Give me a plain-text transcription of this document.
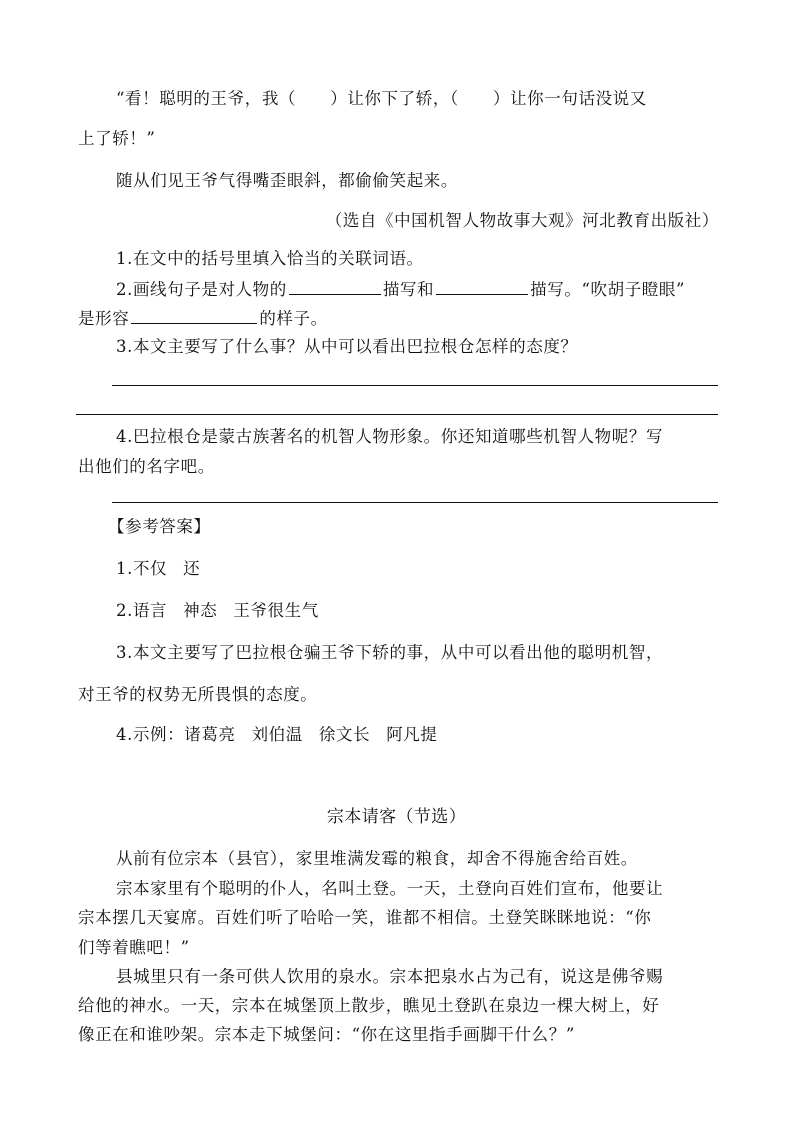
“看！聪明的王爷，我（　　）让你下了轿，（　　）让你一句话没说又

上了轿！”

随从们见王爷气得嘴歪眼斜，都偷偷笑起来。

（选自《中国机智人物故事大观》河北教育出版社）

1.在文中的括号里填入恰当的关联词语。

2.画线句子是对人物的	描写和	描写。“吹胡子瞪眼”

是形容	的样子。

3.本文主要写了什么事？从中可以看出巴拉根仓怎样的态度？

4.巴拉根仓是蒙古族著名的机智人物形象。你还知道哪些机智人物呢？写

出他们的名字吧。

【参考答案】

1.不仅 还

2.语言 神态 王爷很生气

3.本文主要写了巴拉根仓骗王爷下轿的事，从中可以看出他的聪明机智，

对王爷的权势无所畏惧的态度。

4.示例：诸葛亮 刘伯温 徐文长 阿凡提

宗本请客（节选）

从前有位宗本（县官），家里堆满发霉的粮食，却舍不得施舍给百姓。

宗本家里有个聪明的仆人，名叫土登。一天，土登向百姓们宣布，他要让

宗本摆几天宴席。百姓们听了哈哈一笑，谁都不相信。土登笑眯眯地说：“你

们等着瞧吧！”

县城里只有一条可供人饮用的泉水。宗本把泉水占为己有，说这是佛爷赐

给他的神水。一天，宗本在城堡顶上散步，瞧见土登趴在泉边一棵大树上，好

像正在和谁吵架。宗本走下城堡问：“你在这里指手画脚干什么？”
